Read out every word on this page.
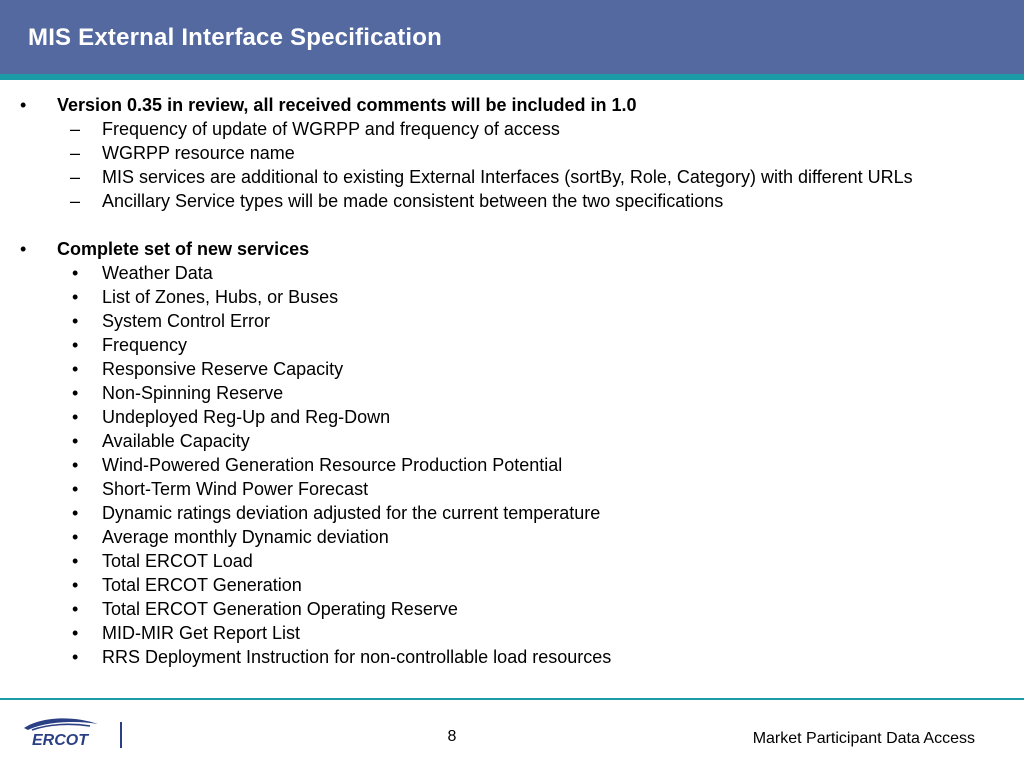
MIS External Interface Specification
• Version 0.35 in review, all received comments will be included in 1.0
– Frequency of update of WGRPP and frequency of access
– WGRPP resource name
– MIS services are additional to existing External Interfaces (sortBy, Role, Category) with different URLs
– Ancillary Service types will be made consistent between the two specifications
• Complete set of new services
• Weather Data
• List of Zones, Hubs, or Buses
• System Control Error
• Frequency
• Responsive Reserve Capacity
• Non-Spinning Reserve
• Undeployed Reg-Up and Reg-Down
• Available Capacity
• Wind-Powered Generation Resource Production Potential
• Short-Term Wind Power Forecast
• Dynamic ratings deviation adjusted for the current temperature
• Average monthly Dynamic deviation
• Total ERCOT Load
• Total ERCOT Generation
• Total ERCOT Generation Operating Reserve
• MID-MIR Get Report List
• RRS Deployment Instruction for non-controllable load resources
ERCOT	8	Market Participant Data Access
